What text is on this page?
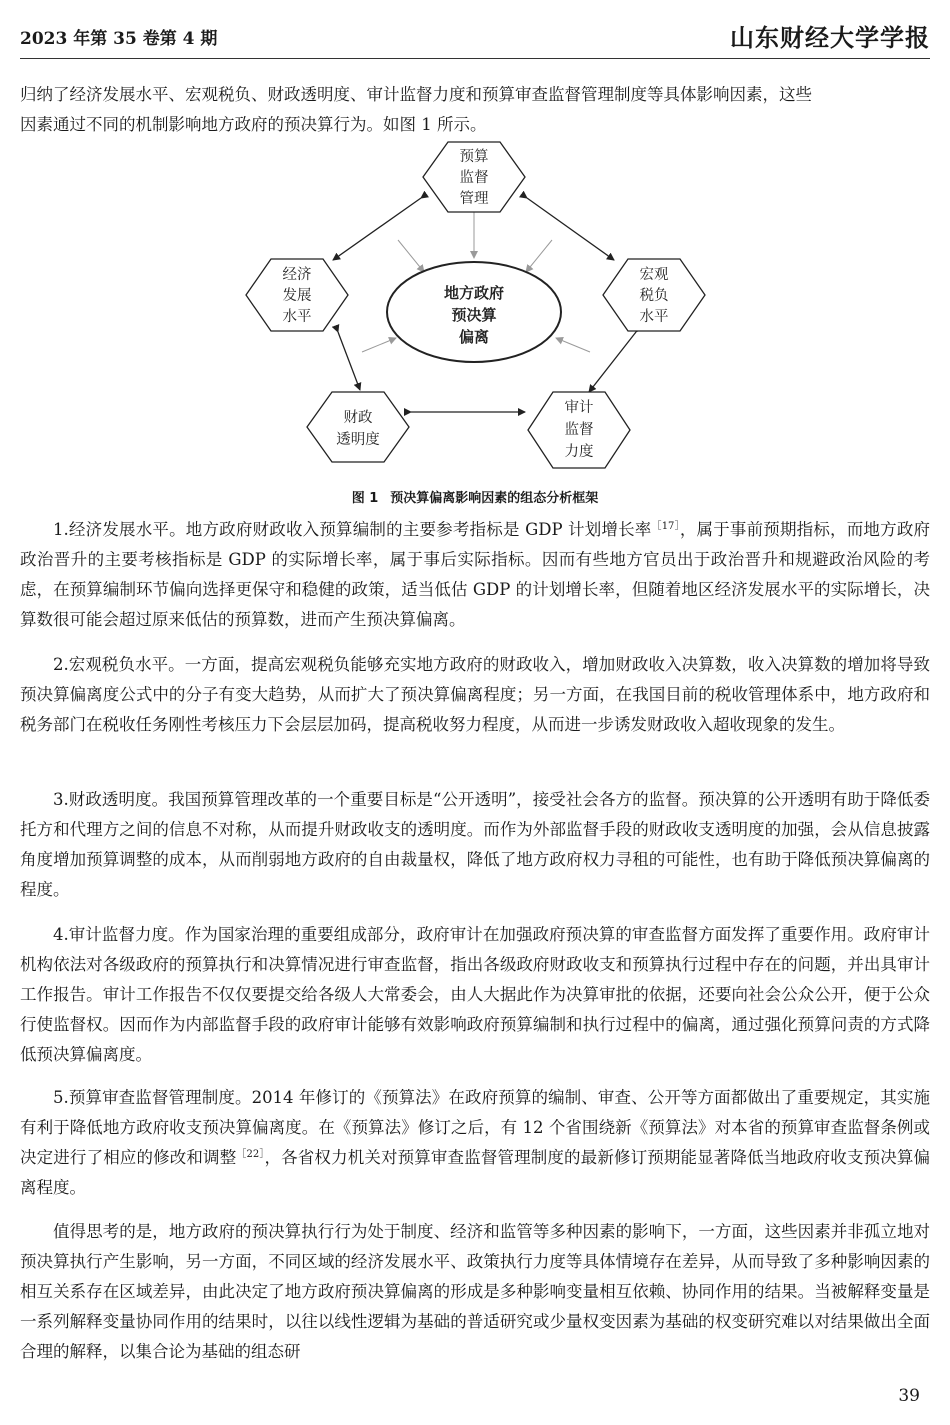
2023 年第 35 卷第 4 期	山东财经大学学报

归纳了经济发展水平、宏观税负、财政透明度、审计监督力度和预算审查监督管理制度等具体影响因素，这些
因素通过不同的机制影响地方政府的预决算行为。如图 1 所示。

地方政府
预决算
偏离
预算
监督
管理
经济
发展
水平
宏观
税负
水平
财政
透明度
审计
监督
力度
图 1 预决算偏离影响因素的组态分析框架

1.经济发展水平。地方政府财政收入预算编制的主要参考指标是 GDP 计划增长率$^{[17]}$，属于事前预期指标，而地方政府政治晋升的主要考核指标是 GDP 的实际增长率，属于事后实际指标。因而有些地方官员出于政治晋升和规避政治风险的考虑，在预算编制环节偏向选择更保守和稳健的政策，适当低估 GDP 的计划增长率，但随着地区经济发展水平的实际增长，决算数很可能会超过原来低估的预算数，进而产生预决算偏离。

2.宏观税负水平。一方面，提高宏观税负能够充实地方政府的财政收入，增加财政收入决算数，收入决算数的增加将导致预决算偏离度公式中的分子有变大趋势，从而扩大了预决算偏离程度；另一方面，在我国目前的税收管理体系中，地方政府和税务部门在税收任务刚性考核压力下会层层加码，提高税收努力程度，从而进一步诱发财政收入超收现象的发生。

3.财政透明度。我国预算管理改革的一个重要目标是“公开透明”，接受社会各方的监督。预决算的公开透明有助于降低委托方和代理方之间的信息不对称，从而提升财政收支的透明度。而作为外部监督手段的财政收支透明度的加强，会从信息披露角度增加预算调整的成本，从而削弱地方政府的自由裁量权，降低了地方政府权力寻租的可能性，也有助于降低预决算偏离的程度。

4.审计监督力度。作为国家治理的重要组成部分，政府审计在加强政府预决算的审查监督方面发挥了重要作用。政府审计机构依法对各级政府的预算执行和决算情况进行审查监督，指出各级政府财政收支和预算执行过程中存在的问题，并出具审计工作报告。审计工作报告不仅仅要提交给各级人大常委会，由人大据此作为决算审批的依据，还要向社会公众公开，便于公众行使监督权。因而作为内部监督手段的政府审计能够有效影响政府预算编制和执行过程中的偏离，通过强化预算问责的方式降低预决算偏离度。

5.预算审查监督管理制度。2014 年修订的《预算法》在政府预算的编制、审查、公开等方面都做出了重要规定，其实施有利于降低地方政府收支预决算偏离度。在《预算法》修订之后，有 12 个省围绕新《预算法》对本省的预算审查监督条例或决定进行了相应的修改和调整$^{[22]}$，各省权力机关对预算审查监督管理制度的最新修订预期能显著降低当地政府收支预决算偏离程度。

值得思考的是，地方政府的预决算执行行为处于制度、经济和监管等多种因素的影响下，一方面，这些因素并非孤立地对预决算执行产生影响，另一方面，不同区域的经济发展水平、政策执行力度等具体情境存在差异，从而导致了多种影响因素的相互关系存在区域差异，由此决定了地方政府预决算偏离的形成是多种影响变量相互依赖、协同作用的结果。当被解释变量是一系列解释变量协同作用的结果时，以往以线性逻辑为基础的普适研究或少量权变因素为基础的权变研究难以对结果做出全面合理的解释，以集合论为基础的组态研

39
